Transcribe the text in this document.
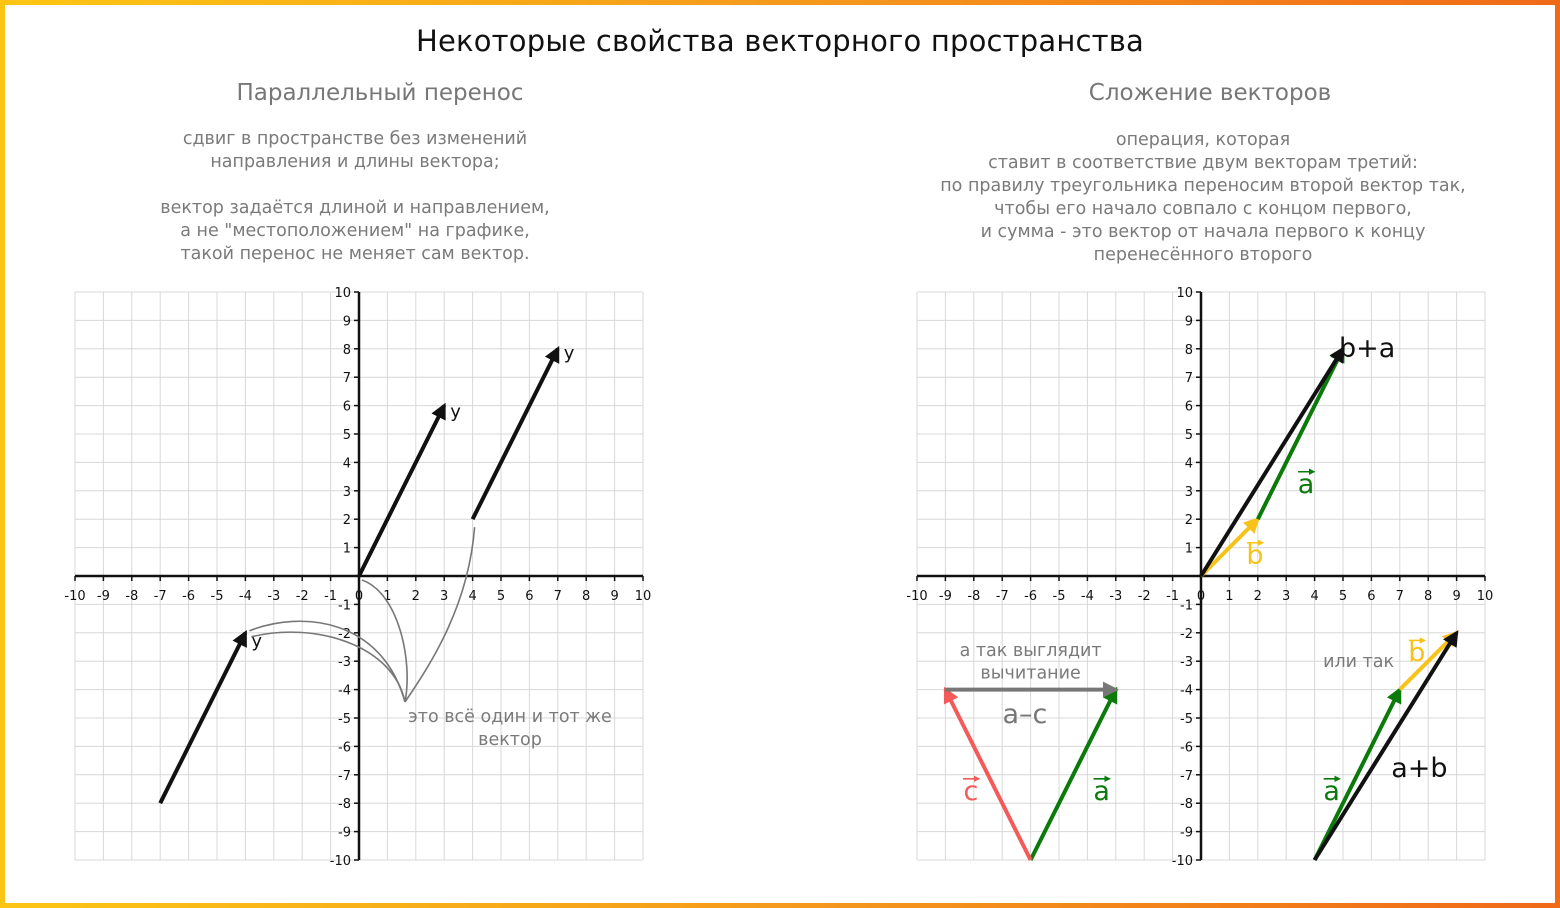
Некоторые свойства векторного пространства
Параллельный перенос	Сложение векторов
сдвиг в пространстве без изменений
направления и длины вектора;
вектор задаётся длиной и направлением,
а не "местоположением" на графике,
такой перенос не меняет сам вектор.
операция, которая
ставит в соответствие двум векторам третий:
по правилу треугольника переносим второй вектор так,
чтобы его начало совпало с концом первого,
и сумма - это вектор от начала первого к концу
перенесённого второго
-10 -9 -8 -7 -6 -5 -4 -3 -2 -1 0 1 2 3 4 5 6 7 8 9 10
10
9
8
7
6
5
4
3
2
1
-1
-2
-3
-4
-5
-6
-7
-8
-9
-10
-10 -9 -8 -7 -6 -5 -4 -3 -2 -1 0 1 2 3 4 5 6 7 8 9 10
10
9
8
7
6
5
4
3
2
1
-1
-2
-3
-4
-5
-6
-7
-8
-9
-10
y
y
y
это всё один и тот же
вектор
b+a
a
b
или так b
a
a+b
а так выглядит
вычитание
a–c
c	a
